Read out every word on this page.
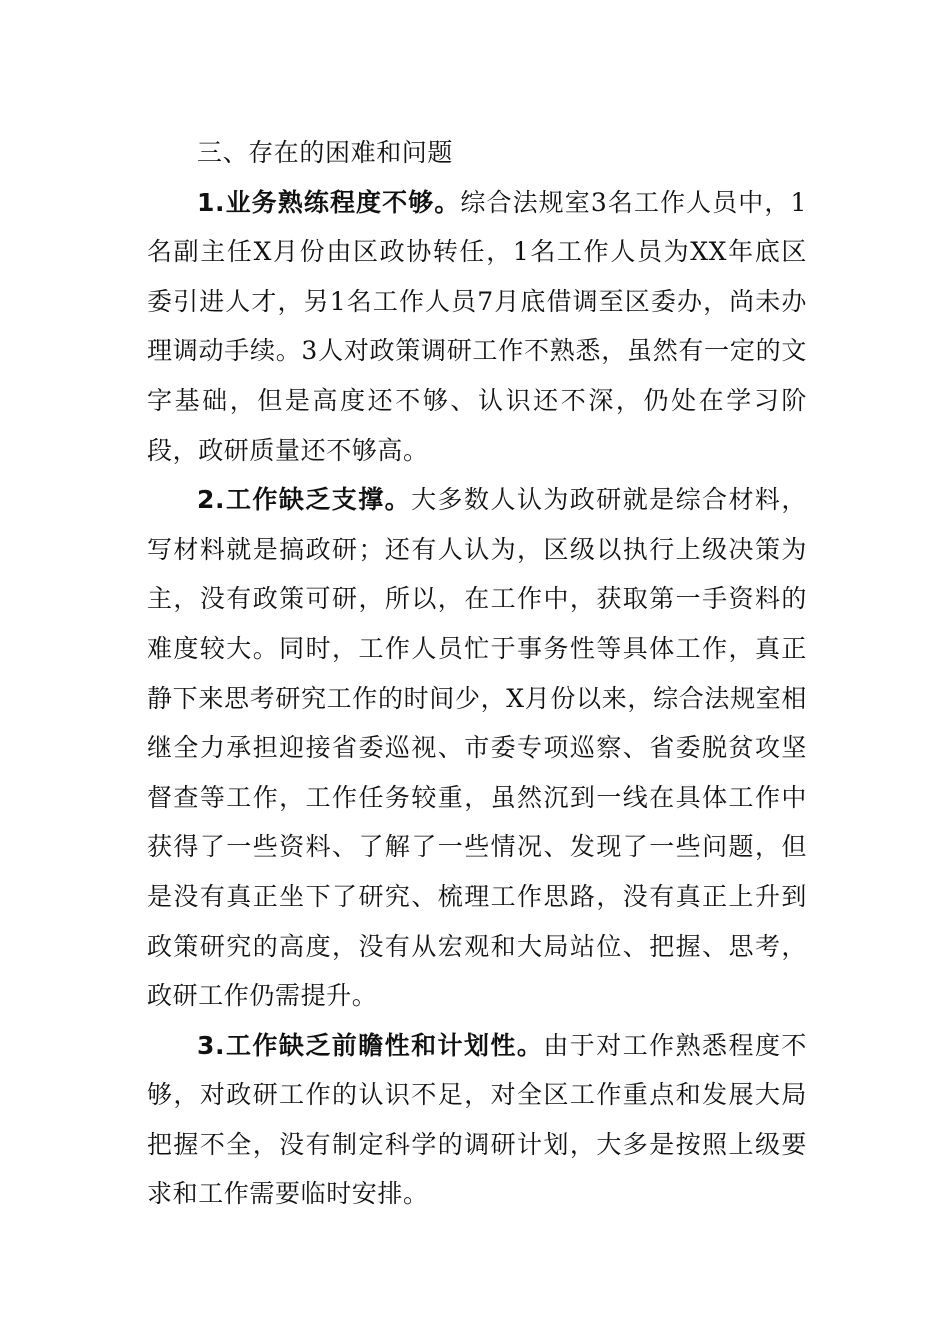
三、存在的困难和问题

1.业务熟练程度不够。综合法规室3名工作人员中，1名副主任X月份由区政协转任，1名工作人员为XX年底区委引进人才，另1名工作人员7月底借调至区委办，尚未办理调动手续。3人对政策调研工作不熟悉，虽然有一定的文字基础，但是高度还不够、认识还不深，仍处在学习阶段，政研质量还不够高。

2.工作缺乏支撑。大多数人认为政研就是综合材料，写材料就是搞政研；还有人认为，区级以执行上级决策为主，没有政策可研，所以，在工作中，获取第一手资料的难度较大。同时，工作人员忙于事务性等具体工作，真正静下来思考研究工作的时间少，X月份以来，综合法规室相继全力承担迎接省委巡视、市委专项巡察、省委脱贫攻坚督查等工作，工作任务较重，虽然沉到一线在具体工作中获得了一些资料、了解了一些情况、发现了一些问题，但是没有真正坐下了研究、梳理工作思路，没有真正上升到政策研究的高度，没有从宏观和大局站位、把握、思考，政研工作仍需提升。

3.工作缺乏前瞻性和计划性。由于对工作熟悉程度不够，对政研工作的认识不足，对全区工作重点和发展大局把握不全，没有制定科学的调研计划，大多是按照上级要求和工作需要临时安排。
